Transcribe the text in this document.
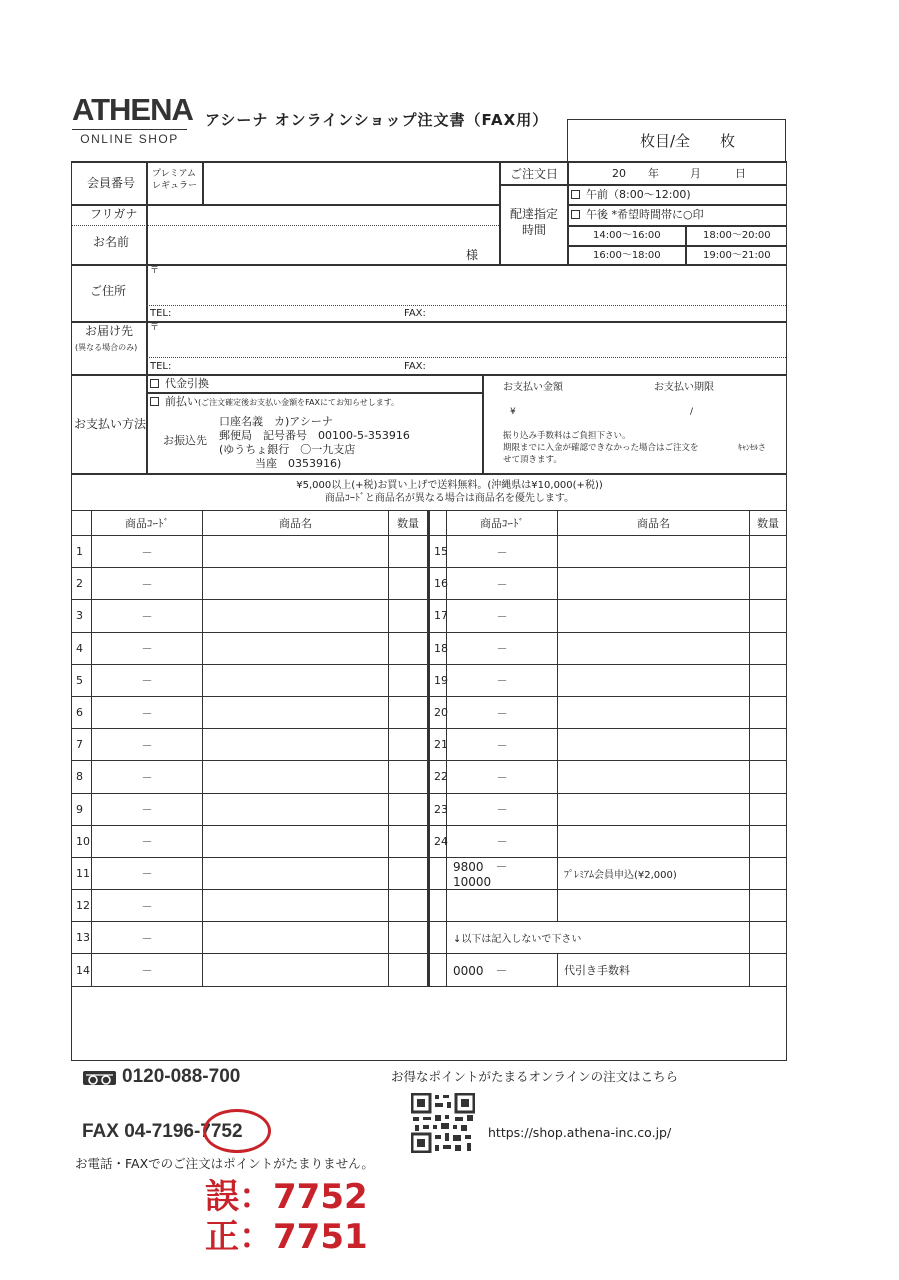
ATHENA
ONLINE SHOP
アシーナ オンラインショップ注文書（FAX用）
枚目/全　　枚
会員番号
プレミアム
レギュラー
フリガナ
お名前
様
ご注文日	20 年	月	日
配達指定
時間
午前（8:00～12:00)
午後 *希望時間帯に○印
14:00～16:00	18:00～20:00
16:00～18:00	19:00～21:00
ご住所
〒
TEL:	FAX:
お届け先
(異なる場合のみ)
〒
TEL:	FAX:
お支払い方法
代金引換
前払い(ご注文確定後お支払い金額をFAXにてお知らせします。
お振込先
口座名義　カ)アシーナ
郵便局　記号番号　00100-5-353916
(ゆうちょ銀行　〇一九支店
当座　0353916)
お支払い金額	お支払い期限
¥	/
振り込み手数料はご負担下さい。
期限までに入金が確認できなかった場合はご注文を	ｷｬﾝｾﾙさ
せて頂きます。
¥5,000以上(+税)お買い上げで送料無料。(沖縄県は¥10,000(+税))
商品ｺｰﾄﾞと商品名が異なる場合は商品名を優先します。
	商品ｺｰﾄﾞ	商品名	数量		商品ｺｰﾄﾞ	商品名	数量
1	－			15	－		
2	－			16	－		
3	－			17	－		
4	－			18	－		
5	－			19	－		
6	－			20	－		
7	－			21	－		
8	－			22	－		
9	－			23	－		
10	－			24	－		
11	－				9800　－　10000	ﾌﾟﾚﾐｱﾑ会員申込(¥2,000)	
12	－						
13	－				↓以下は記入しないで下さい		
14	－				0000　－	代引き手数料	
0120-088-700
FAX 04-7196-7752
お電話・FAXでのご注文はポイントがたまりません。
お得なポイントがたまるオンラインの注文はこちら
https://shop.athena-inc.co.jp/
誤：7752
正：7751
